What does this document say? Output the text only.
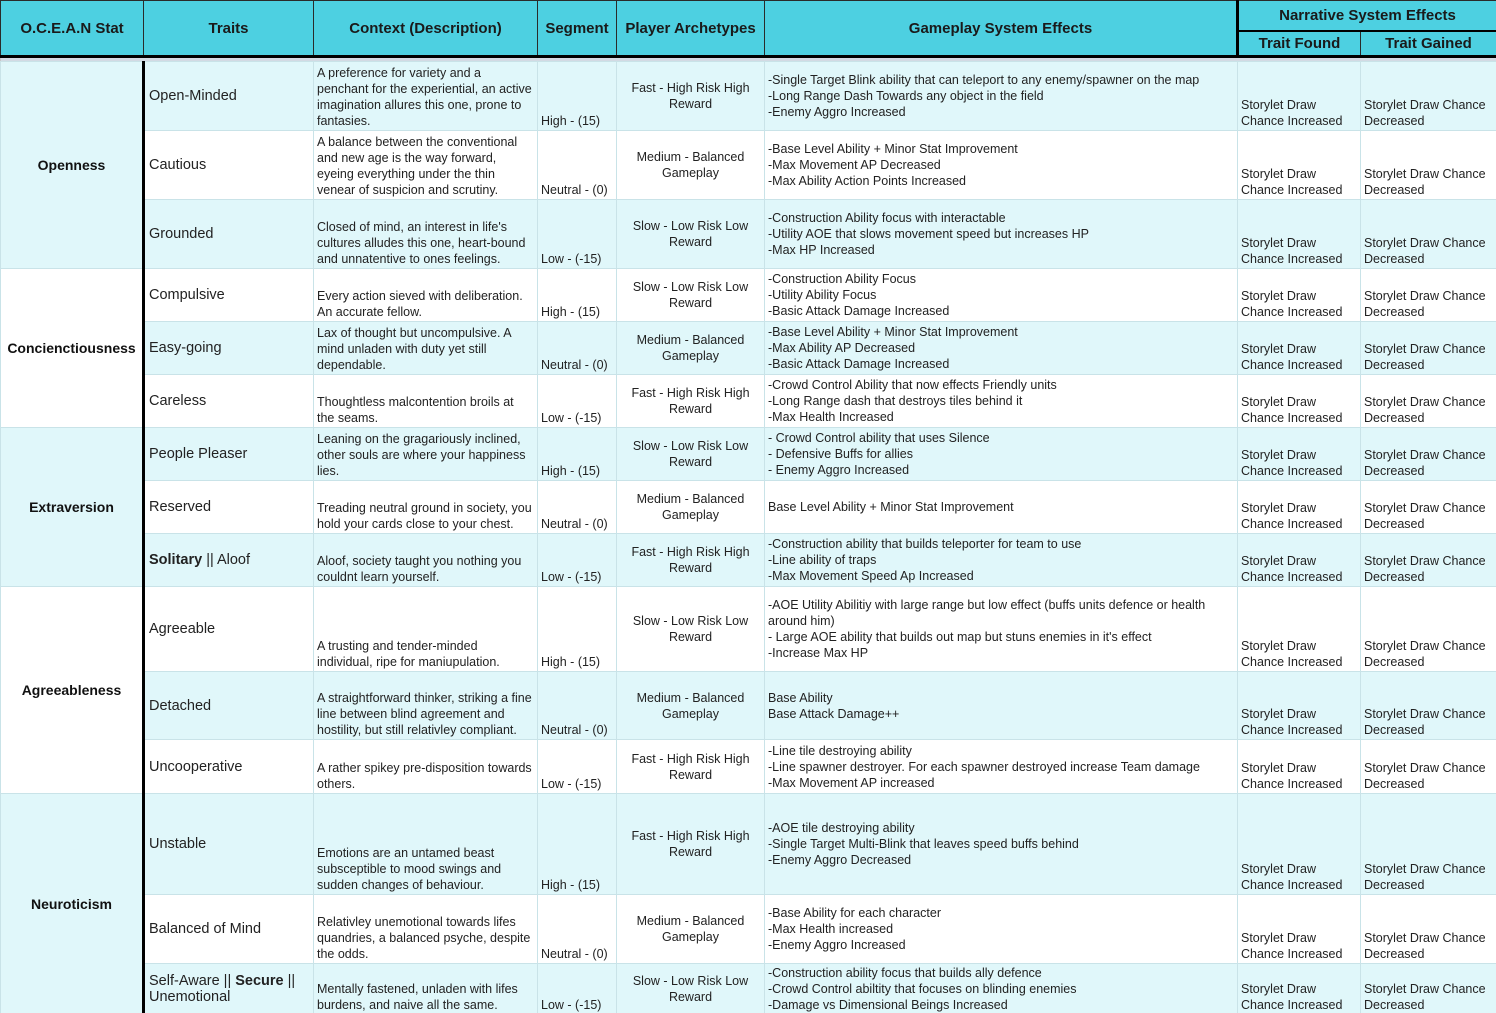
O.C.E.A.N Stat	Traits	Context (Description)	Segment	Player Archetypes	Gameplay System Effects	Narrative System Effects	
						Trait Found	Trait Gained

Openness	Open-Minded	A preference for variety and a penchant for the experiential, an active imagination allures this one, prone to fantasies.	High - (15)	Fast - High Risk High Reward	-Single Target Blink ability that can teleport to any enemy/spawner on the map
-Long Range Dash Towards any object in the field
-Enemy Aggro Increased	Storylet Draw Chance Increased	Storylet Draw Chance Decreased
	Cautious	A balance between the conventional and new age is the way forward, eyeing everything under the thin venear of suspicion and scrutiny.	Neutral - (0)	Medium - Balanced Gameplay	-Base Level Ability + Minor Stat Improvement
-Max Movement AP Decreased
-Max Ability Action Points Increased	Storylet Draw Chance Increased	Storylet Draw Chance Decreased
	Grounded	Closed of mind, an interest in life's cultures alludes this one, heart-bound and unnatentive to ones feelings.	Low - (-15)	Slow - Low Risk Low Reward	-Construction Ability focus with interactable
-Utility AOE that slows movement speed but increases HP
-Max HP Increased	Storylet Draw Chance Increased	Storylet Draw Chance Decreased
Concienctiousness	Compulsive	Every action sieved with deliberation. An accurate fellow.	High - (15)	Slow - Low Risk Low Reward	-Construction Ability Focus
-Utility Ability Focus
-Basic Attack Damage Increased	Storylet Draw Chance Increased	Storylet Draw Chance Decreased
	Easy-going	Lax of thought but uncompulsive. A mind unladen with duty yet still dependable.	Neutral - (0)	Medium - Balanced Gameplay	-Base Level Ability + Minor Stat Improvement
-Max Ability AP Decreased
-Basic Attack Damage Increased	Storylet Draw Chance Increased	Storylet Draw Chance Decreased
	Careless	Thoughtless malcontention broils at the seams.	Low - (-15)	Fast - High Risk High Reward	-Crowd Control Ability that now effects Friendly units
-Long Range dash that destroys tiles behind it
-Max Health Increased	Storylet Draw Chance Increased	Storylet Draw Chance Decreased
Extraversion	People Pleaser	Leaning on the gragariously inclined, other souls are where your happiness lies.	High - (15)	Slow - Low Risk Low Reward	- Crowd Control ability that uses Silence
- Defensive Buffs for allies
- Enemy Aggro Increased	Storylet Draw Chance Increased	Storylet Draw Chance Decreased
	Reserved	Treading neutral ground in society, you hold your cards close to your chest.	Neutral - (0)	Medium - Balanced Gameplay	Base Level Ability + Minor Stat Improvement	Storylet Draw Chance Increased	Storylet Draw Chance Decreased
	Solitary || Aloof	Aloof, society taught you nothing you couldnt learn yourself.	Low - (-15)	Fast - High Risk High Reward	-Construction ability that builds teleporter for team to use
-Line ability of traps
-Max Movement Speed Ap Increased	Storylet Draw Chance Increased	Storylet Draw Chance Decreased
Agreeableness	Agreeable	A trusting and tender-minded individual, ripe for maniupulation.	High - (15)	Slow - Low Risk Low Reward	-AOE Utility Abilitiy with large range but low effect (buffs units defence or health around him)
- Large AOE ability that builds out map but stuns enemies in it's effect
-Increase Max HP	Storylet Draw Chance Increased	Storylet Draw Chance Decreased
	Detached	A straightforward thinker, striking a fine line between blind agreement and hostility, but still relativley compliant.	Neutral - (0)	Medium - Balanced Gameplay	Base Ability
Base Attack Damage++	Storylet Draw Chance Increased	Storylet Draw Chance Decreased
	Uncooperative	A rather spikey pre-disposition towards others.	Low - (-15)	Fast - High Risk High Reward	-Line tile destroying ability
-Line spawner destroyer. For each spawner destroyed increase Team damage
-Max Movement AP increased	Storylet Draw Chance Increased	Storylet Draw Chance Decreased
Neuroticism	Unstable	Emotions are an untamed beast subsceptible to mood swings and sudden changes of behaviour.	High - (15)	Fast - High Risk High Reward	-AOE tile destroying ability
-Single Target Multi-Blink that leaves speed buffs behind
-Enemy Aggro Decreased	Storylet Draw Chance Increased	Storylet Draw Chance Decreased
	Balanced of Mind	Relativley unemotional towards lifes quandries, a balanced psyche, despite the odds.	Neutral - (0)	Medium - Balanced Gameplay	-Base Ability for each character
-Max Health increased
-Enemy Aggro Increased	Storylet Draw Chance Increased	Storylet Draw Chance Decreased
	Self-Aware || Secure || Unemotional	Mentally fastened, unladen with lifes burdens, and naive all the same.	Low - (-15)	Slow - Low Risk Low Reward	-Construction ability focus that builds ally defence
-Crowd Control abiltity that focuses on blinding enemies
-Damage vs Dimensional Beings Increased	Storylet Draw Chance Increased	Storylet Draw Chance Decreased
